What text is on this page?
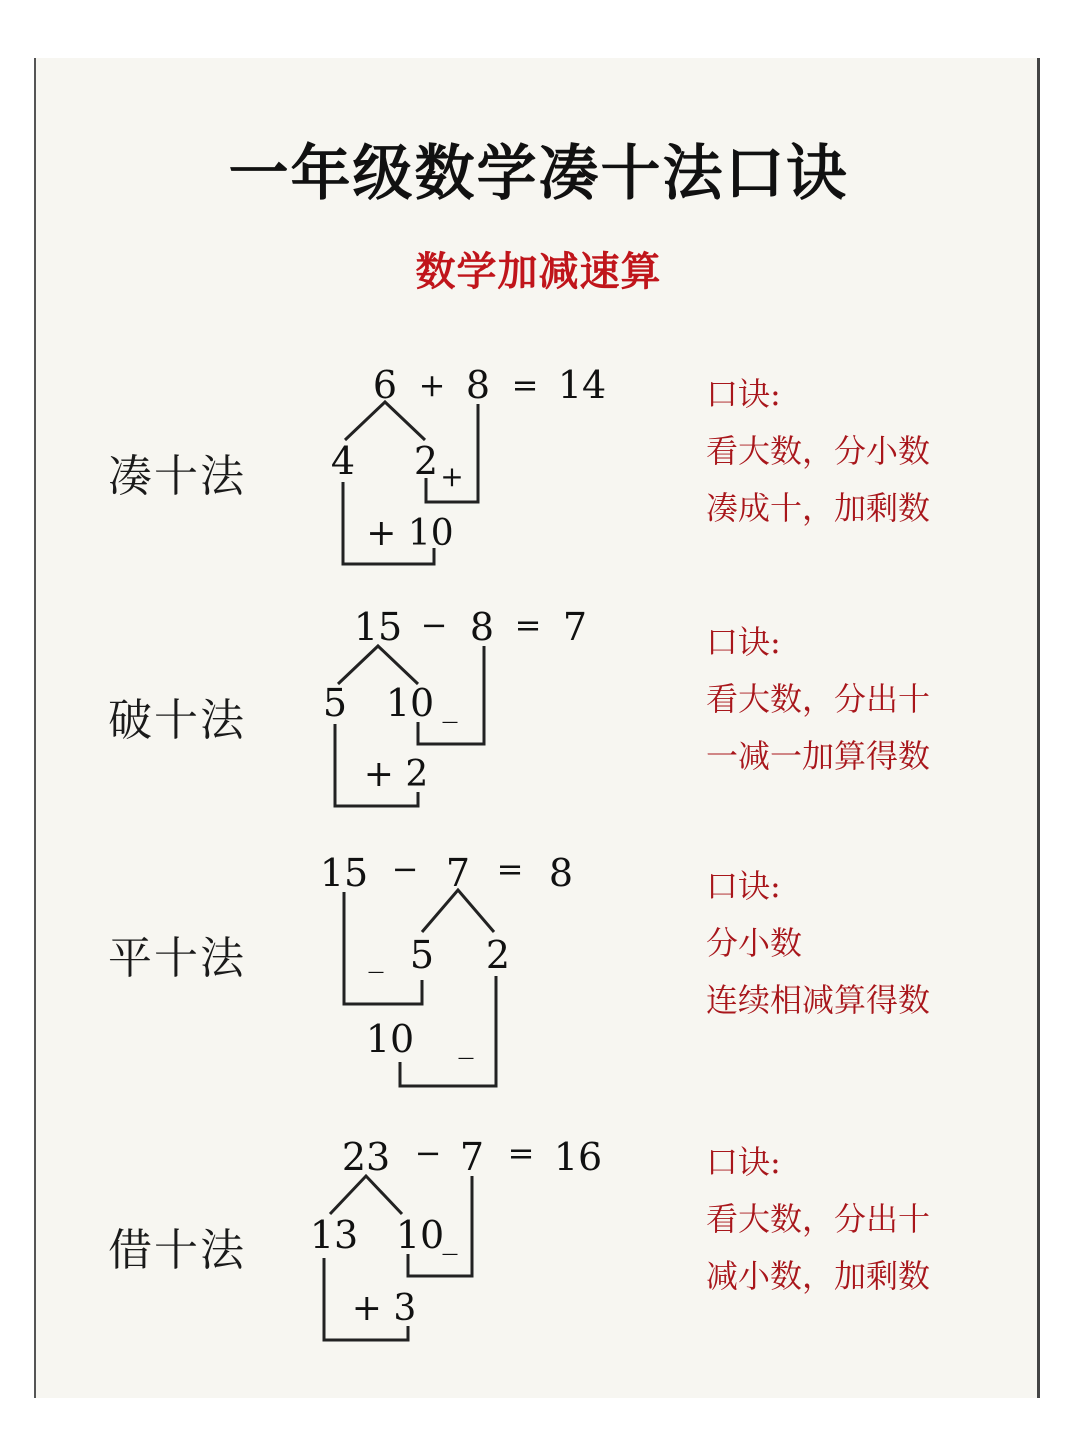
一年级数学凑十法口诀
数学加减速算
凑十法
破十法
平十法
借十法
口诀:
看大数，分小数
凑成十，加剩数
口诀:
看大数，分出十
一减一加算得数
口诀:
分小数
连续相减算得数
口诀:
看大数，分出十
减小数，加剩数
6 + 8 = 14
4 2 +
+ 10
15 − 8 = 7
5 10 _
+ 2
15 − 7 = 8
5 2
_
10 _
23 − 7 = 16
13 10
_
+ 3
